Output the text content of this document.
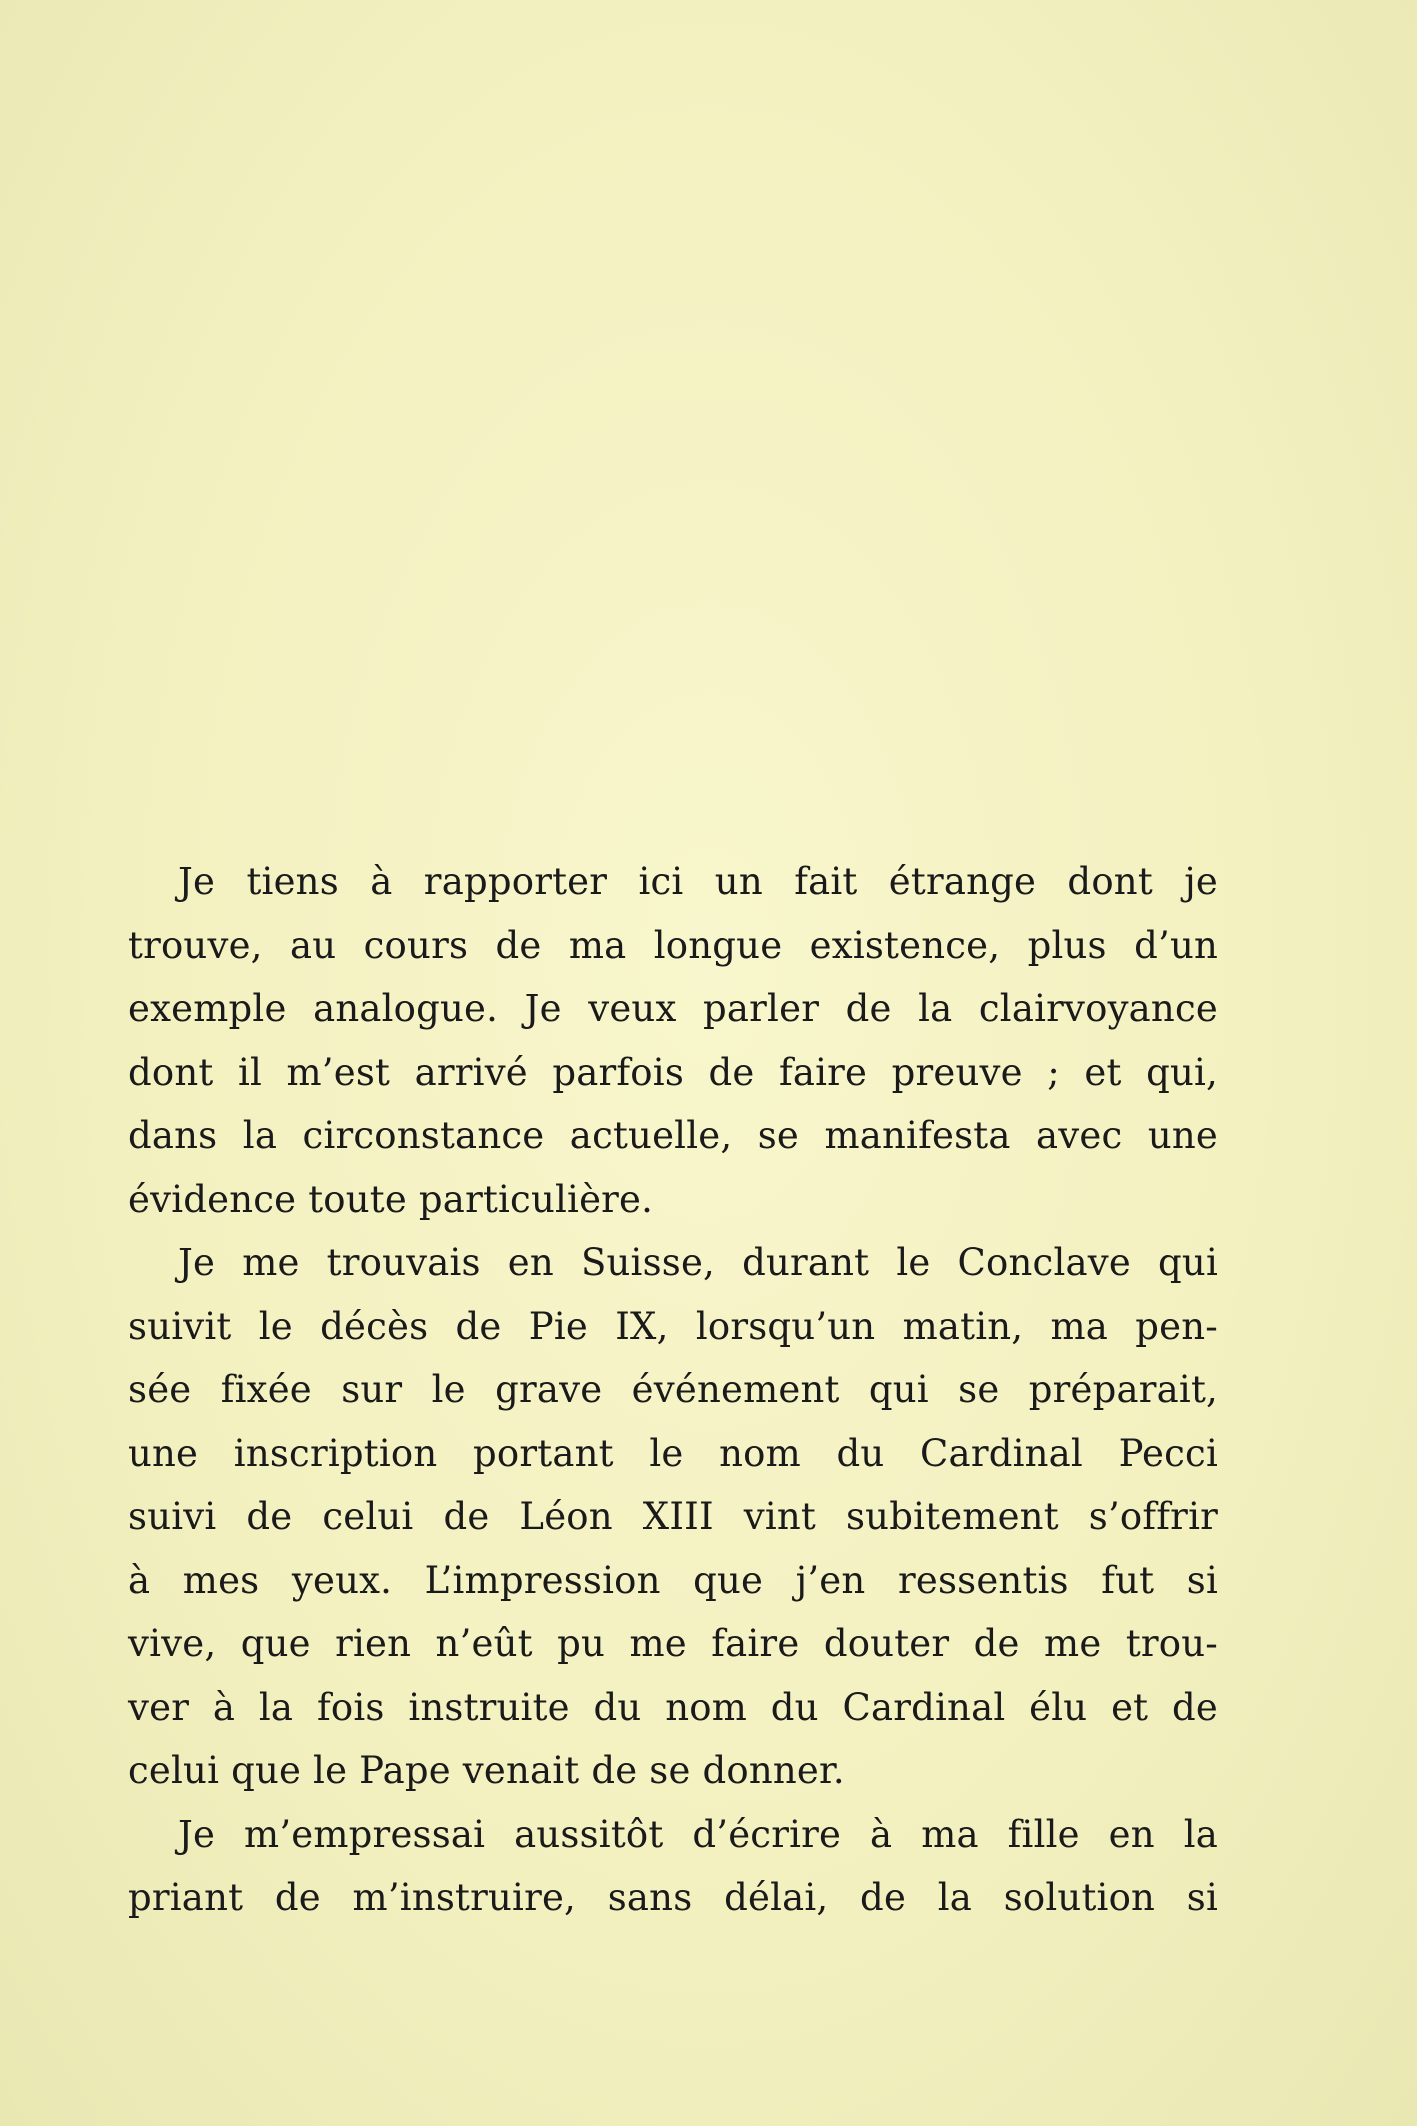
Je tiens à rapporter ici un fait étrange dont je
trouve, au cours de ma longue existence, plus d’un
exemple analogue. Je veux parler de la clairvoyance
dont il m’est arrivé parfois de faire preuve ; et qui,
dans la circonstance actuelle, se manifesta avec une
évidence toute particulière.
Je me trouvais en Suisse, durant le Conclave qui
suivit le décès de Pie IX, lorsqu’un matin, ma pen-
sée fixée sur le grave événement qui se préparait,
une inscription portant le nom du Cardinal Pecci
suivi de celui de Léon XIII vint subitement s’offrir
à mes yeux. L’impression que j’en ressentis fut si
vive, que rien n’eût pu me faire douter de me trou-
ver à la fois instruite du nom du Cardinal élu et de
celui que le Pape venait de se donner.
Je m’empressai aussitôt d’écrire à ma fille en la
priant de m’instruire, sans délai, de la solution si
